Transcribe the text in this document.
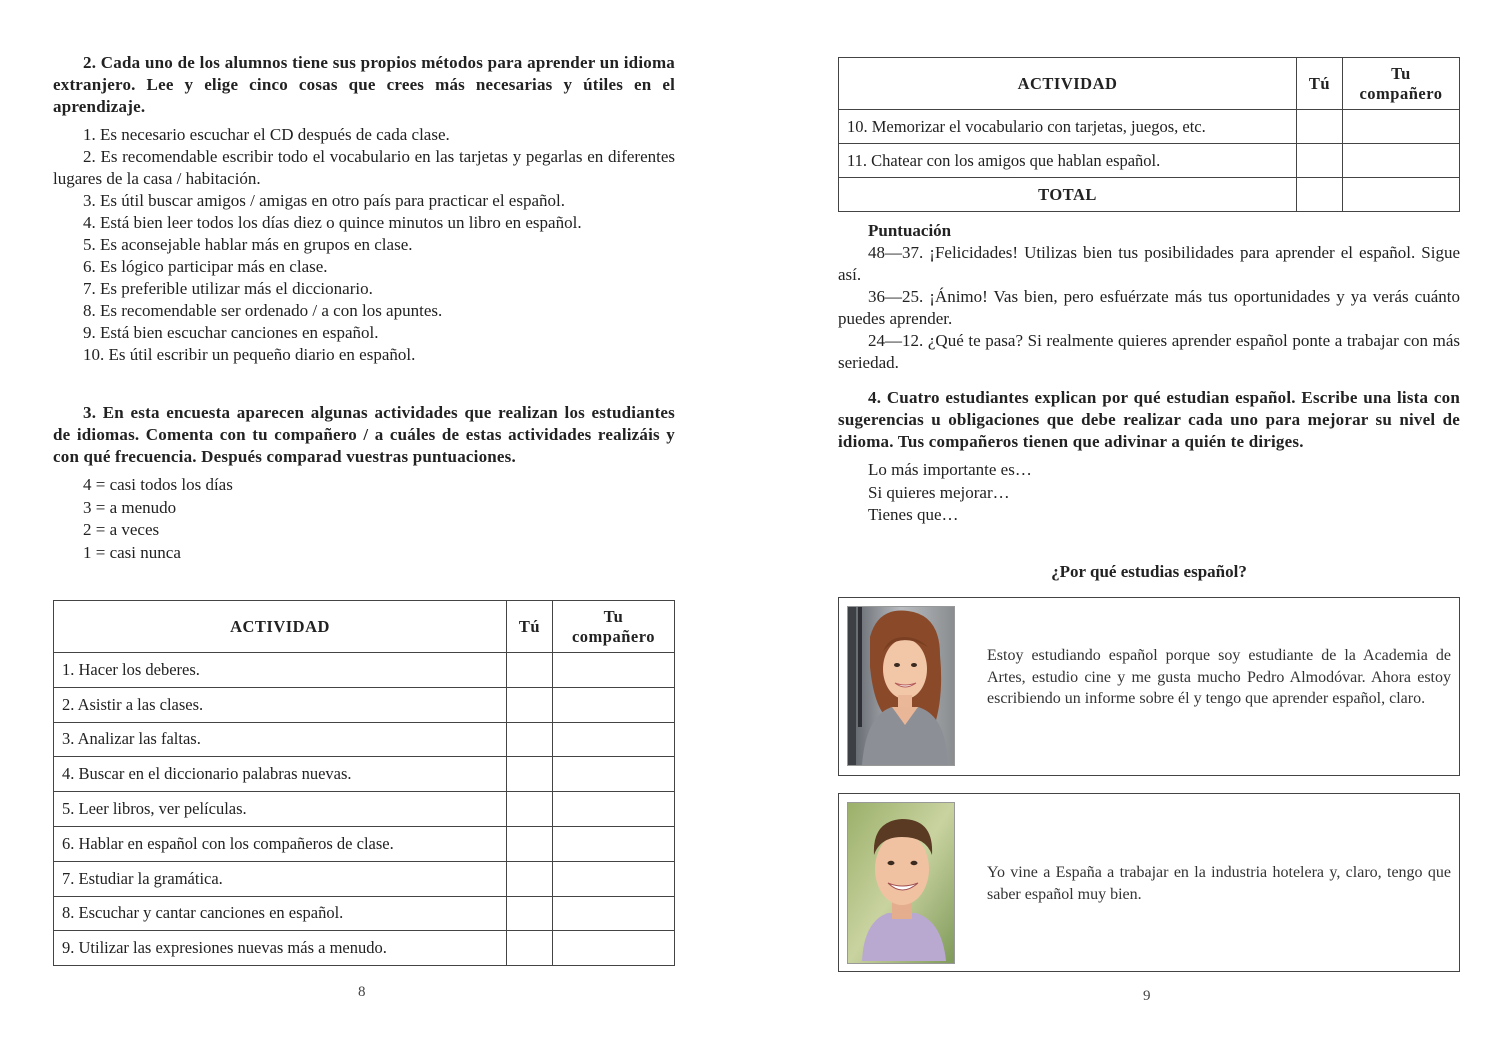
2. Cada uno de los alumnos tiene sus propios métodos para aprender un idioma extranjero. Lee y elige cinco cosas que crees más necesarias y útiles en el aprendizaje.

1. Es necesario escuchar el CD después de cada clase.

2. Es recomendable escribir todo el vocabulario en las tarjetas y pegarlas en diferentes lugares de la casa / habitación.

3. Es útil buscar amigos / amigas en otro país para practicar el español.

4. Está bien leer todos los días diez o quince minutos un libro en español.

5. Es aconsejable hablar más en grupos en clase.

6. Es lógico participar más en clase.

7. Es preferible utilizar más el diccionario.

8. Es recomendable ser ordenado / a con los apuntes.

9. Está bien escuchar canciones en español.

10. Es útil escribir un pequeño diario en español.

3. En esta encuesta aparecen algunas actividades que realizan los estudiantes de idiomas. Comenta con tu compañero / a cuáles de estas actividades realizáis y con qué frecuencia. Después comparad vuestras puntuaciones.

4 = casi todos los días

3 = a menudo

2 = a veces

1 = casi nunca

ACTIVIDAD	Tú	Tu
compañero
1. Hacer los deberes.		
2. Asistir a las clases.		
3. Analizar las faltas.		
4. Buscar en el diccionario palabras nuevas.		
5. Leer libros, ver películas.		
6. Hablar en español con los compañeros de clase.		
7. Estudiar la gramática.		
8. Escuchar y cantar canciones en español.		
9. Utilizar las expresiones nuevas más a menudo.		
8
ACTIVIDAD	Tú	Tu
compañero
10. Memorizar el vocabulario con tarjetas, juegos, etc.		
11. Chatear con los amigos que hablan español.		
TOTAL		

Puntuación

48—37. ¡Felicidades! Utilizas bien tus posibilidades para aprender el español. Sigue así.

36—25. ¡Ánimo! Vas bien, pero esfuérzate más tus oportunidades y ya verás cuánto puedes aprender.

24—12. ¿Qué te pasa? Si realmente quieres aprender español ponte a trabajar con más seriedad.

4. Cuatro estudiantes explican por qué estudian español. Escribe una lista con sugerencias u obligaciones que debe realizar cada uno para mejorar su nivel de idioma. Tus compañeros tienen que adivinar a quién te diriges.

Lo más importante es…

Si quieres mejorar…

Tienes que…

¿Por qué estudias español?
Estoy estudiando español porque soy estudiante de la Academia de Artes, estudio cine y me gusta mucho Pedro Almodóvar. Ahora estoy escribiendo un informe sobre él y tengo que aprender español, claro.
Yo vine a España a trabajar en la industria hotelera y, claro, tengo que saber español muy bien.
9
